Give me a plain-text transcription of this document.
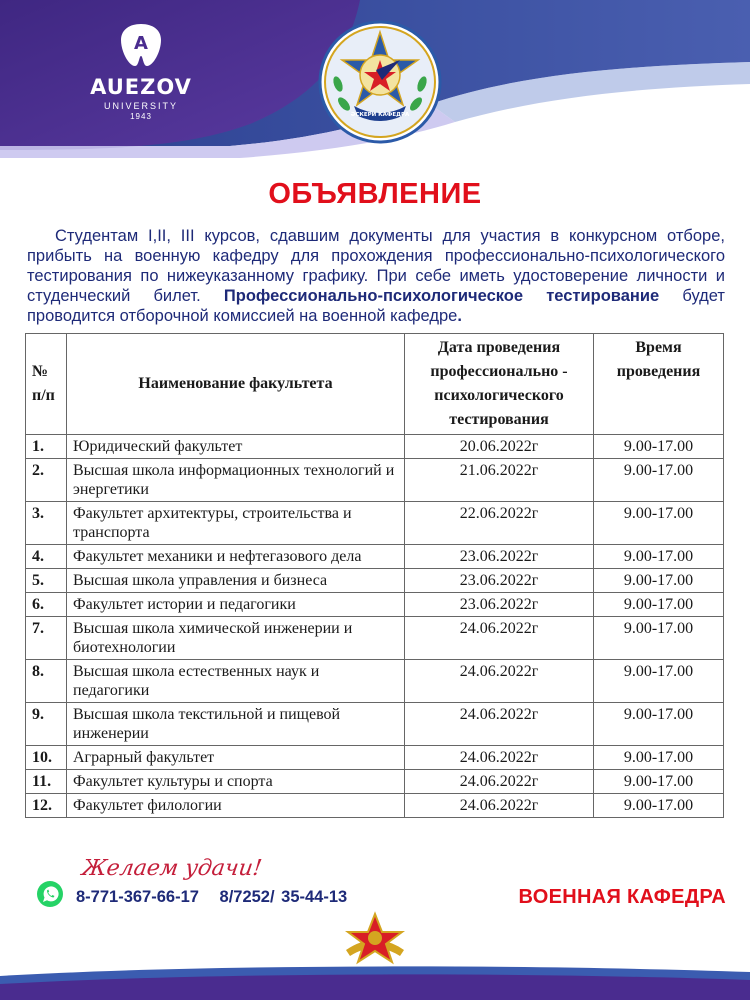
A
AUEZOV
UNIVERSITY
1943	ӘСКЕРИ КАФЕДРА
ОБЪЯВЛЕНИЕ

Студентам I,II, III курсов, сдавшим документы для участия в конкурсном отборе, прибыть на военную кафедру для прохождения профессионально-психологического тестирования по нижеуказанному графику. При себе иметь удостоверение личности и студенческий билет. Профессионально-психологическое тестирование будет проводится отборочной комиссией на военной кафедре.

№ п/п	Наименование факультета	Дата проведения профессионально - психологического тестирования	Время проведения
1.	Юридический факультет	20.06.2022г	9.00-17.00
2.	Высшая школа информационных технологий и энергетики	21.06.2022г	9.00-17.00
3.	Факультет архитектуры, строительства и транспорта	22.06.2022г	9.00-17.00
4.	Факультет механики и нефтегазового дела	23.06.2022г	9.00-17.00
5.	Высшая школа управления и бизнеса	23.06.2022г	9.00-17.00
6.	Факультет истории и педагогики	23.06.2022г	9.00-17.00
7.	Высшая школа химической инженерии и биотехнологии	24.06.2022г	9.00-17.00
8.	Высшая школа естественных наук и педагогики	24.06.2022г	9.00-17.00
9.	Высшая школа текстильной и пищевой инженерии	24.06.2022г	9.00-17.00
10.	Аграрный факультет	24.06.2022г	9.00-17.00
11.	Факультет культуры и спорта	24.06.2022г	9.00-17.00
12.	Факультет филологии	24.06.2022г	9.00-17.00
Желаем удачи!
8-771-367-66-17 8/7252/ 35-44-13	ВОЕННАЯ КАФЕДРА
